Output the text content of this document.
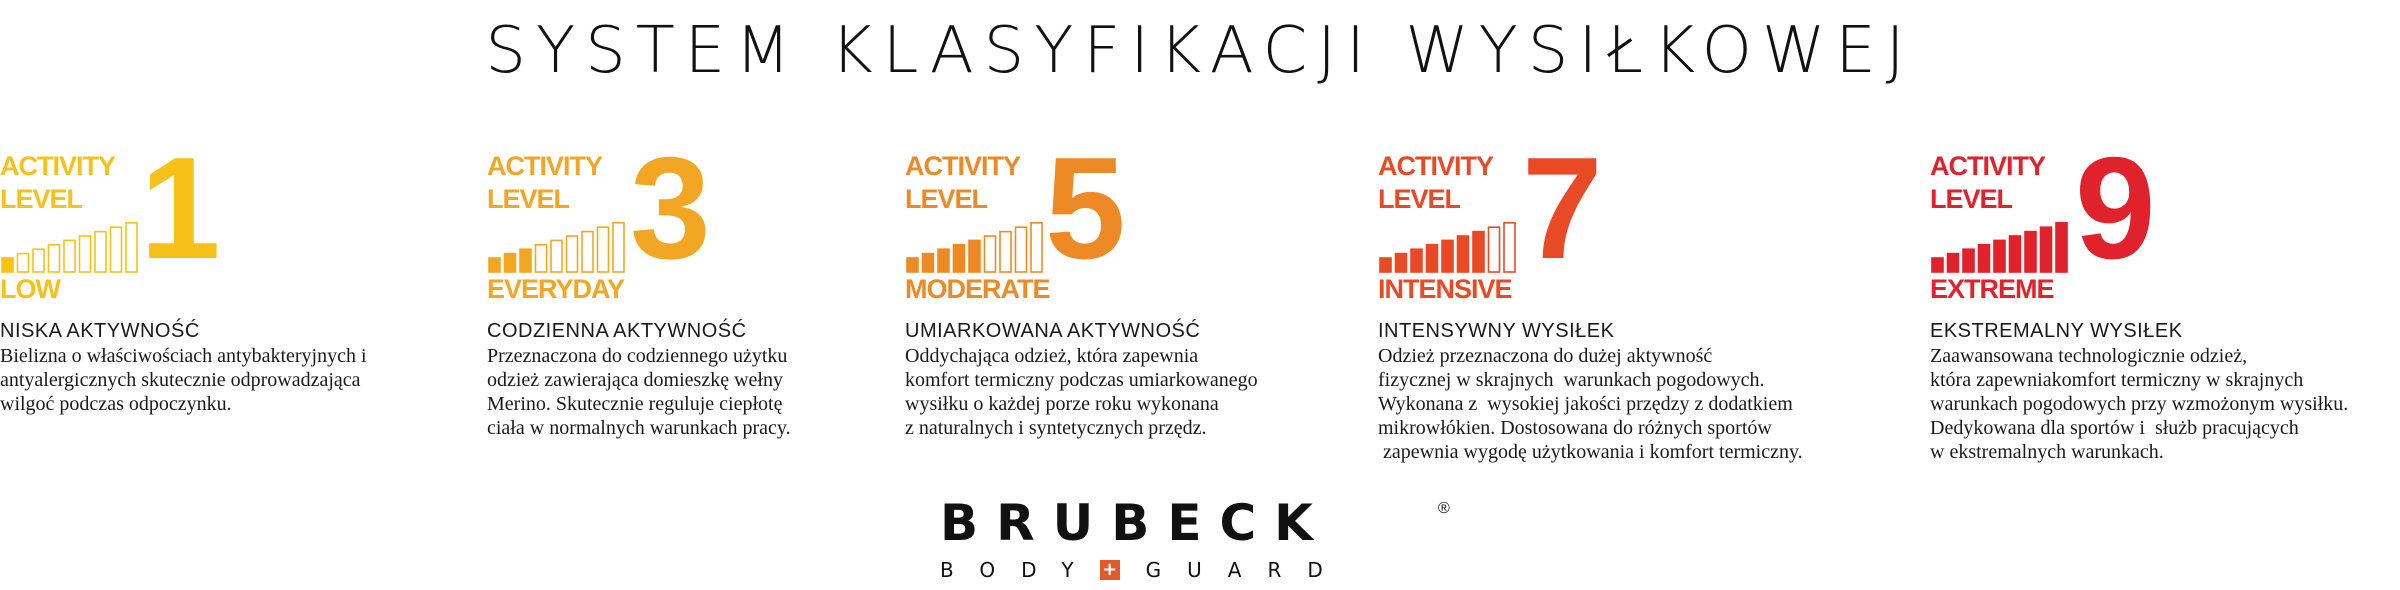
SYSTEM KLASYFIKACJI WYSIŁKOWEJ
ACTIVITY
LEVEL 1
LOW
NISKA AKTYWNOŚĆ
Bielizna o właściwościach antybakteryjnych i
antyalergicznych skutecznie odprowadzająca
wilgoć podczas odpoczynku.
ACTIVITY
LEVEL 3
EVERYDAY
CODZIENNA AKTYWNOŚĆ
Przeznaczona do codziennego użytku
odzież zawierająca domieszkę wełny
Merino. Skutecznie reguluje ciepłotę
ciała w normalnych warunkach pracy.
ACTIVITY
LEVEL 5
MODERATE
UMIARKOWANA AKTYWNOŚĆ
Oddychająca odzież, która zapewnia
komfort termiczny podczas umiarkowanego
wysiłku o każdej porze roku wykonana
z naturalnych i syntetycznych przędz.
ACTIVITY
LEVEL 7
INTENSIVE
INTENSYWNY WYSIŁEK
Odzież przeznaczona do dużej aktywność
fizycznej w skrajnych  warunkach pogodowych.
Wykonana z  wysokiej jakości przędzy z dodatkiem
mikrowłókien. Dostosowana do różnych sportów
zapewnia wygodę użytkowania i komfort termiczny.
ACTIVITY
LEVEL 9
EXTREME
EKSTREMALNY WYSIŁEK
Zaawansowana technologicznie odzież,
która zapewniakomfort termiczny w skrajnych
warunkach pogodowych przy wzmożonym wysiłku.
Dedykowana dla sportów i  służb pracujących
w ekstremalnych warunkach.
BRUBECK	®
BODY + GUARD
